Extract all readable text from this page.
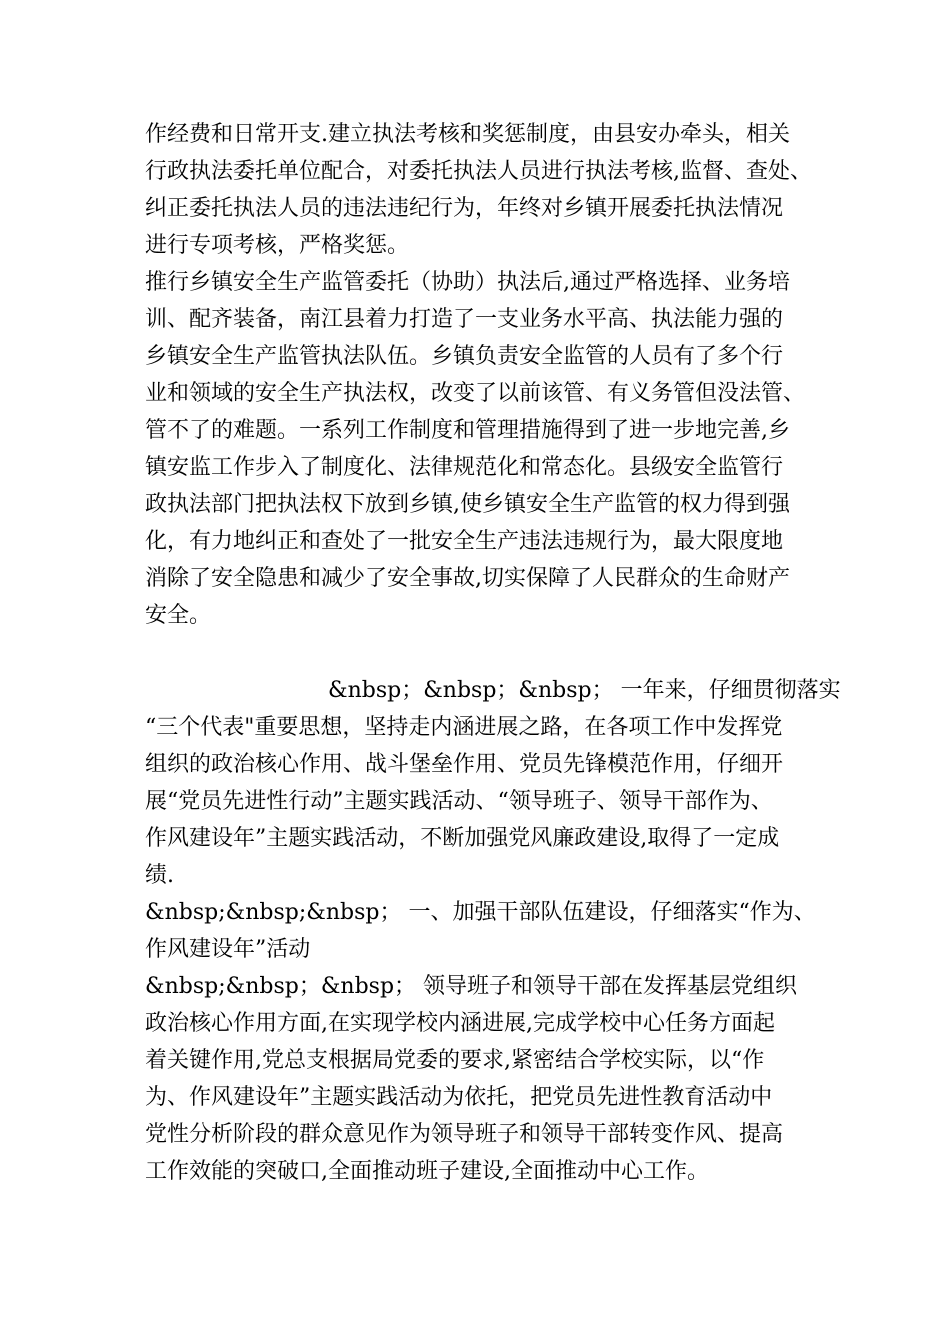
作经费和日常开支.建立执法考核和奖惩制度，由县安办牵头，相关
行政执法委托单位配合，对委托执法人员进行执法考核,监督、查处、
纠正委托执法人员的违法违纪行为，年终对乡镇开展委托执法情况
进行专项考核，严格奖惩。
推行乡镇安全生产监管委托（协助）执法后,通过严格选择、业务培
训、配齐装备，南江县着力打造了一支业务水平高、执法能力强的
乡镇安全生产监管执法队伍。乡镇负责安全监管的人员有了多个行
业和领域的安全生产执法权，改变了以前该管、有义务管但没法管、
管不了的难题。一系列工作制度和管理措施得到了进一步地完善,乡
镇安监工作步入了制度化、法律规范化和常态化。县级安全监管行
政执法部门把执法权下放到乡镇,使乡镇安全生产监管的权力得到强
化，有力地纠正和查处了一批安全生产违法违规行为，最大限度地
消除了安全隐患和减少了安全事故,切实保障了人民群众的生命财产
安全。
&nbsp；&nbsp；&nbsp； 一年来，仔细贯彻落实
“三个代表"重要思想，坚持走内涵进展之路，在各项工作中发挥党
组织的政治核心作用、战斗堡垒作用、党员先锋模范作用，仔细开
展“党员先进性行动”主题实践活动、“领导班子、领导干部作为、
作风建设年”主题实践活动，不断加强党风廉政建设,取得了一定成
绩.
&nbsp;&nbsp;&nbsp； 一、加强干部队伍建设，仔细落实“作为、
作风建设年”活动
&nbsp;&nbsp；&nbsp； 领导班子和领导干部在发挥基层党组织
政治核心作用方面,在实现学校内涵进展,完成学校中心任务方面起
着关键作用,党总支根据局党委的要求,紧密结合学校实际，以“作
为、作风建设年”主题实践活动为依托，把党员先进性教育活动中
党性分析阶段的群众意见作为领导班子和领导干部转变作风、提高
工作效能的突破口,全面推动班子建设,全面推动中心工作。
